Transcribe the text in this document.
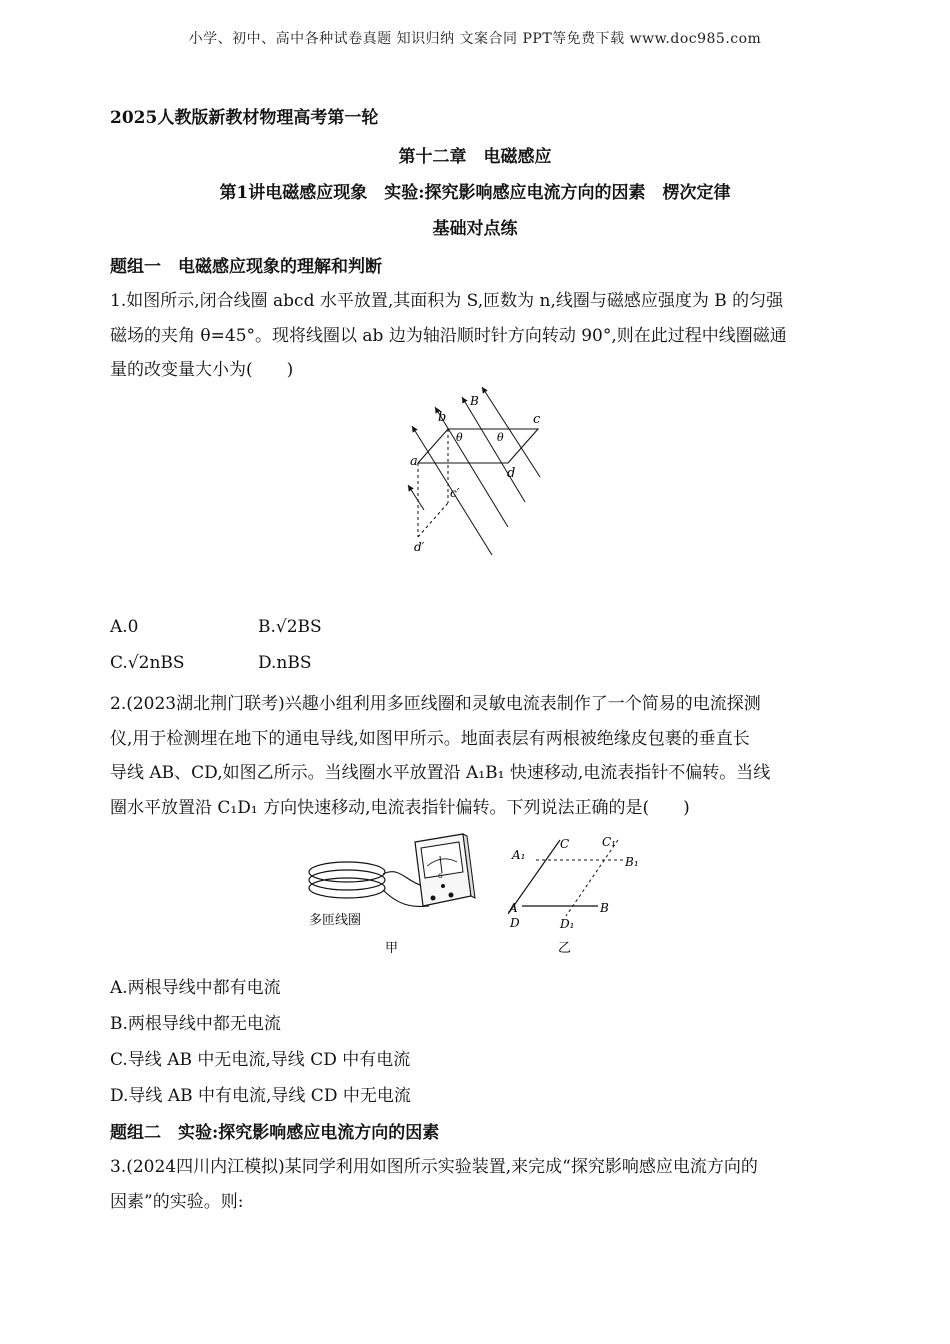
小学、初中、高中各种试卷真题 知识归纳 文案合同 PPT等免费下载 www.doc985.com
2025人教版新教材物理高考第一轮
第十二章　电磁感应
第1讲电磁感应现象　实验:探究影响感应电流方向的因素　楞次定律
基础对点练
题组一　电磁感应现象的理解和判断
1.如图所示,闭合线圈 abcd 水平放置,其面积为 S,匝数为 n,线圈与磁感应强度为 B 的匀强
磁场的夹角 θ=45°。现将线圈以 ab 边为轴沿顺时针方向转动 90°,则在此过程中线圈磁通
量的改变量大小为(　　)
a
b	c
d
B
θ	θ
c′
d′
A.0	B.√2BS
C.√2nBS	D.nBS
2.(2023湖北荆门联考)兴趣小组利用多匝线圈和灵敏电流表制作了一个简易的电流探测
仪,用于检测埋在地下的通电导线,如图甲所示。地面表层有两根被绝缘皮包裹的垂直长
导线 AB、CD,如图乙所示。当线圈水平放置沿 A₁B₁ 快速移动,电流表指针不偏转。当线
圈水平放置沿 C₁D₁ 方向快速移动,电流表指针偏转。下列说法正确的是(　　)
G
多匝线圈
甲
A₁
C	C₁
B₁
A	B
D	D₁
乙
A.两根导线中都有电流
B.两根导线中都无电流
C.导线 AB 中无电流,导线 CD 中有电流
D.导线 AB 中有电流,导线 CD 中无电流
题组二　实验:探究影响感应电流方向的因素
3.(2024四川内江模拟)某同学利用如图所示实验装置,来完成“探究影响感应电流方向的
因素”的实验。则:
